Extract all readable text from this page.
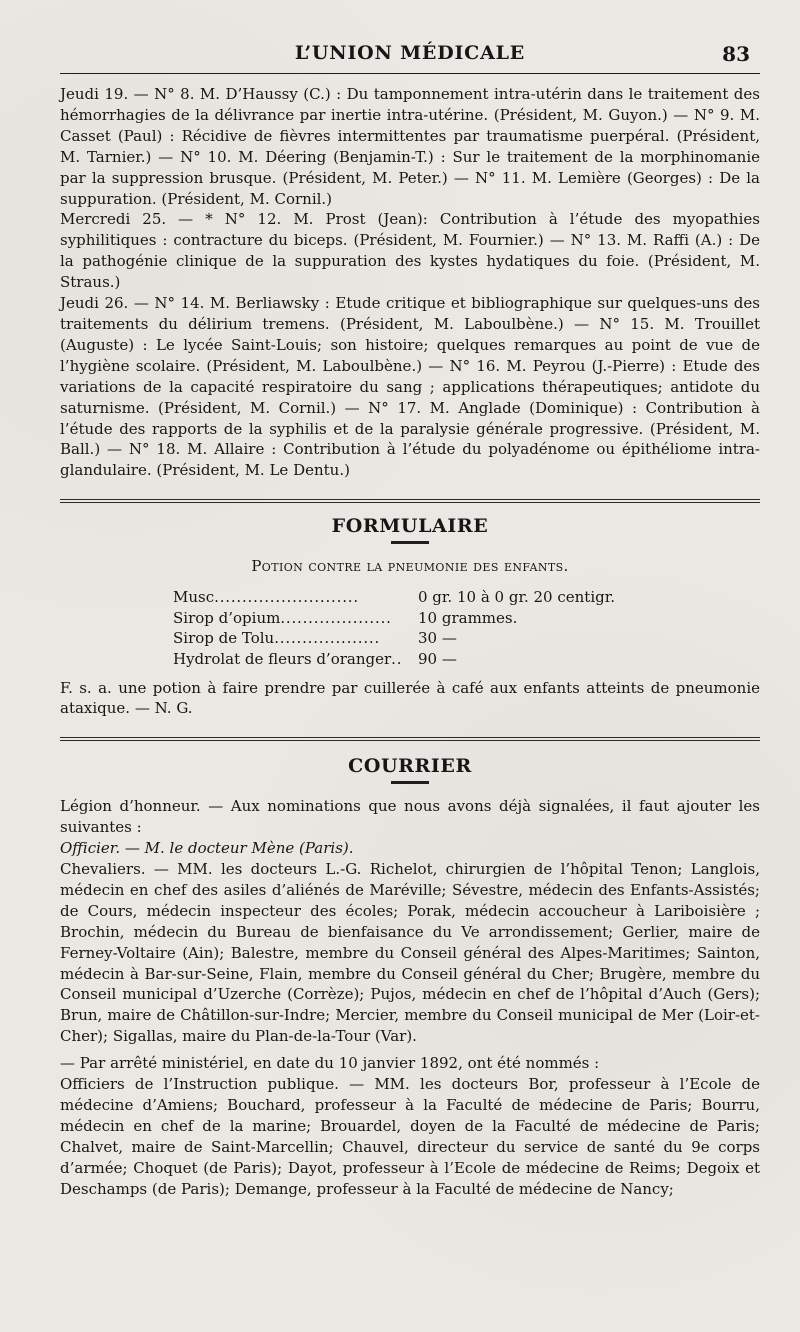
L’UNION MÉDICALE	83

Jeudi 19. — N° 8. M. D’Haussy (C.) : Du tamponnement intra-utérin dans le traitement des hémorrhagies de la délivrance par inertie intra-utérine. (Président, M. Guyon.) — N° 9. M. Casset (Paul) : Récidive de fièvres intermittentes par traumatisme puerpéral. (Président, M. Tarnier.) — N° 10. M. Déering (Benjamin-T.) : Sur le traitement de la morphinomanie par la suppression brusque. (Président, M. Peter.) — N° 11. M. Lemière (Georges) : De la suppuration. (Président, M. Cornil.)

Mercredi 25. — * N° 12. M. Prost (Jean): Contribution à l’étude des myopathies syphilitiques : contracture du biceps. (Président, M. Fournier.) — N° 13. M. Raffi (A.) : De la pathogénie clinique de la suppuration des kystes hydatiques du foie. (Président, M. Straus.)

Jeudi 26. — N° 14. M. Berliawsky : Etude critique et bibliographique sur quelques-uns des traitements du délirium tremens. (Président, M. Laboulbène.) — N° 15. M. Trouillet (Auguste) : Le lycée Saint-Louis; son histoire; quelques remarques au point de vue de l’hygiène scolaire. (Président, M. Laboulbène.) — N° 16. M. Peyrou (J.-Pierre) : Etude des variations de la capacité respiratoire du sang ; applications thérapeutiques; antidote du saturnisme. (Président, M. Cornil.) — N° 17. M. Anglade (Dominique) : Contribution à l’étude des rapports de la syphilis et de la paralysie générale progressive. (Président, M. Ball.) — N° 18. M. Allaire : Contribution à l’étude du polyadénome ou épithéliome intra-glandulaire. (Président, M. Le Dentu.)

FORMULAIRE
Potion contre la pneumonie des enfants.
Musc..........................	0 gr. 10 à 0 gr. 20 centigr.
Sirop d’opium....................	10 grammes.
Sirop de Tolu...................	30 —
Hydrolat de fleurs d’oranger..	90 —

F. s. a. une potion à faire prendre par cuillerée à café aux enfants atteints de pneumonie ataxique. — N. G.

COURRIER

Légion d’honneur. — Aux nominations que nous avons déjà signalées, il faut ajouter les suivantes :

Officier. — M. le docteur Mène (Paris).

Chevaliers. — MM. les docteurs L.-G. Richelot, chirurgien de l’hôpital Tenon; Langlois, médecin en chef des asiles d’aliénés de Maréville; Sévestre, médecin des Enfants-Assistés; de Cours, médecin inspecteur des écoles; Porak, médecin accoucheur à Lariboisière ; Brochin, médecin du Bureau de bienfaisance du Ve arrondissement; Gerlier, maire de Ferney-Voltaire (Ain); Balestre, membre du Conseil général des Alpes-Maritimes; Sainton, médecin à Bar-sur-Seine, Flain, membre du Conseil général du Cher; Brugère, membre du Conseil municipal d’Uzerche (Corrèze); Pujos, médecin en chef de l’hôpital d’Auch (Gers); Brun, maire de Châtillon-sur-Indre; Mercier, membre du Conseil municipal de Mer (Loir-et-Cher); Sigallas, maire du Plan-de-la-Tour (Var).

— Par arrêté ministériel, en date du 10 janvier 1892, ont été nommés :

Officiers de l’Instruction publique. — MM. les docteurs Bor, professeur à l’Ecole de médecine d’Amiens; Bouchard, professeur à la Faculté de médecine de Paris; Bourru, médecin en chef de la marine; Brouardel, doyen de la Faculté de médecine de Paris; Chalvet, maire de Saint-Marcellin; Chauvel, directeur du service de santé du 9e corps d’armée; Choquet (de Paris); Dayot, professeur à l’Ecole de médecine de Reims; Degoix et Deschamps (de Paris); Demange, professeur à la Faculté de médecine de Nancy;
